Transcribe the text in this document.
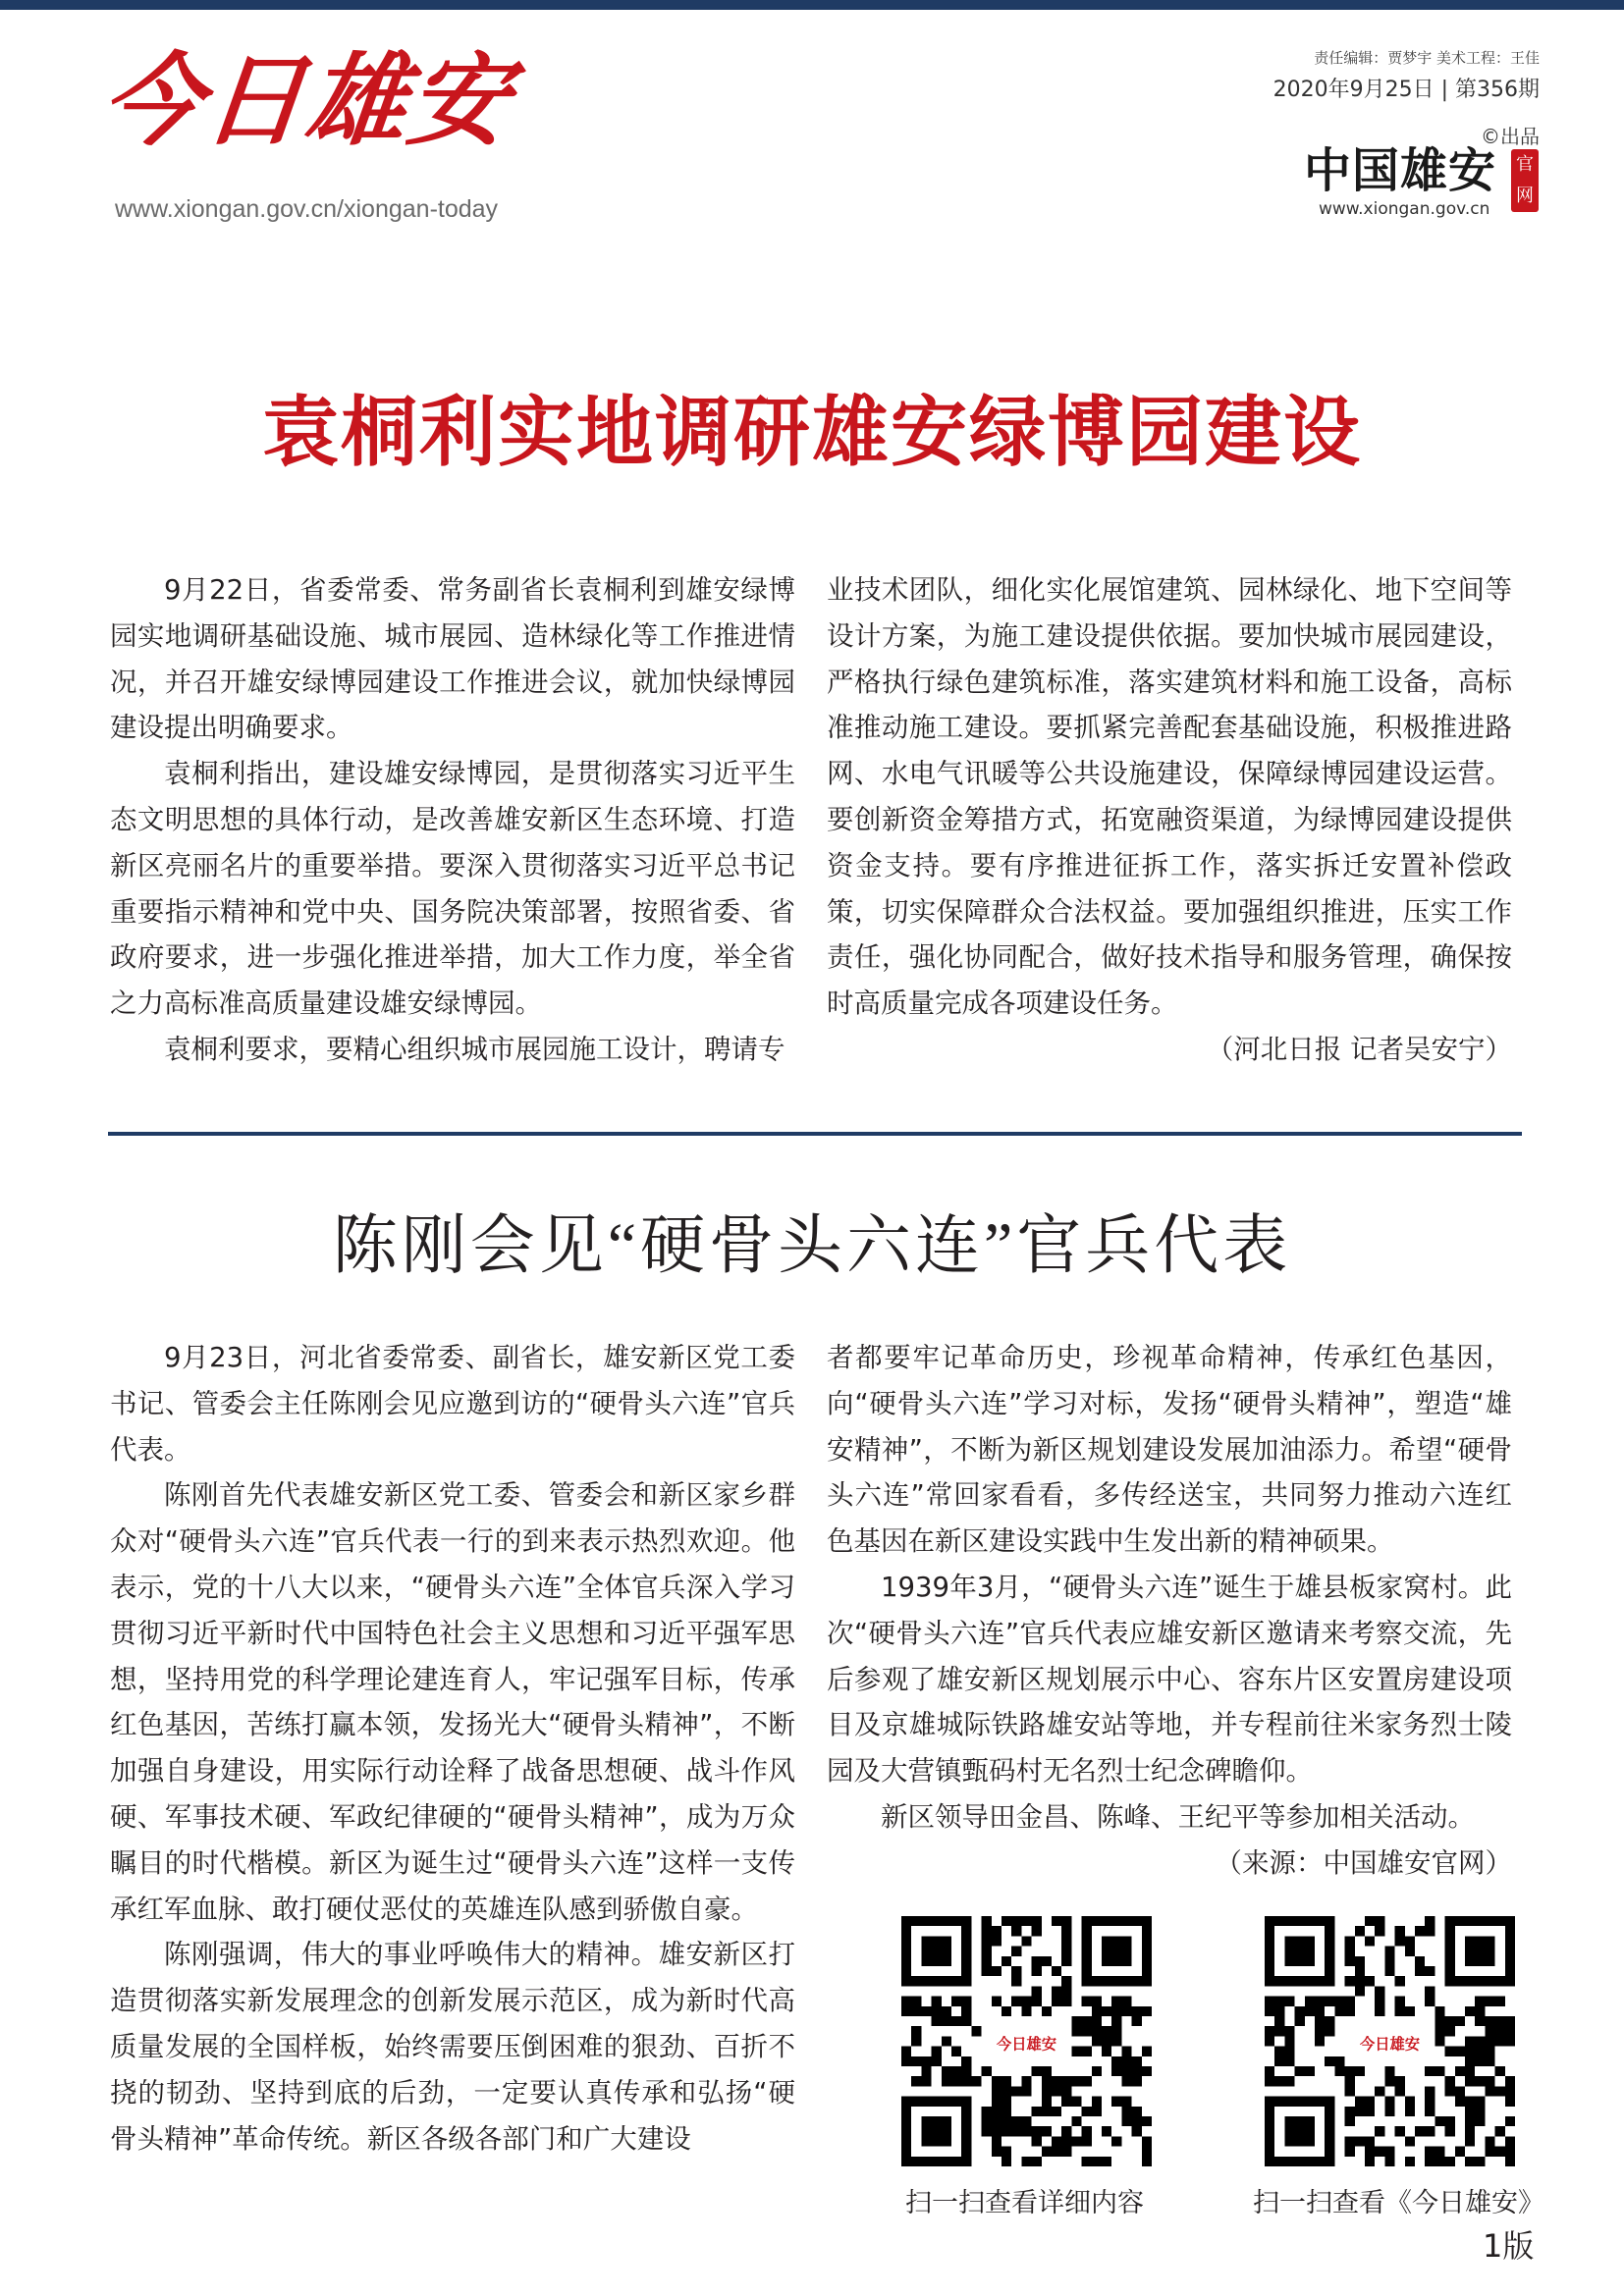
今日雄安
www.xiongan.gov.cn/xiongan-today
责任编辑：贾梦宇 美术工程：王佳
2020年9月25日 | 第356期
©出品
中国雄安 官网
www.xiongan.gov.cn
袁桐利实地调研雄安绿博园建设

9月22日，省委常委、常务副省长袁桐利到雄安绿博园实地调研基础设施、城市展园、造林绿化等工作推进情况，并召开雄安绿博园建设工作推进会议，就加快绿博园建设提出明确要求。

袁桐利指出，建设雄安绿博园，是贯彻落实习近平生态文明思想的具体行动，是改善雄安新区生态环境、打造新区亮丽名片的重要举措。要深入贯彻落实习近平总书记重要指示精神和党中央、国务院决策部署，按照省委、省政府要求，进一步强化推进举措，加大工作力度，举全省之力高标准高质量建设雄安绿博园。

袁桐利要求，要精心组织城市展园施工设计，聘请专

业技术团队，细化实化展馆建筑、园林绿化、地下空间等设计方案，为施工建设提供依据。要加快城市展园建设，严格执行绿色建筑标准，落实建筑材料和施工设备，高标准推动施工建设。要抓紧完善配套基础设施，积极推进路网、水电气讯暖等公共设施建设，保障绿博园建设运营。要创新资金筹措方式，拓宽融资渠道，为绿博园建设提供资金支持。要有序推进征拆工作，落实拆迁安置补偿政策，切实保障群众合法权益。要加强组织推进，压实工作责任，强化协同配合，做好技术指导和服务管理，确保按时高质量完成各项建设任务。

（河北日报 记者吴安宁）

陈刚会见“硬骨头六连”官兵代表

9月23日，河北省委常委、副省长，雄安新区党工委书记、管委会主任陈刚会见应邀到访的“硬骨头六连”官兵代表。

陈刚首先代表雄安新区党工委、管委会和新区家乡群众对“硬骨头六连”官兵代表一行的到来表示热烈欢迎。他表示，党的十八大以来，“硬骨头六连”全体官兵深入学习贯彻习近平新时代中国特色社会主义思想和习近平强军思想，坚持用党的科学理论建连育人，牢记强军目标，传承红色基因，苦练打赢本领，发扬光大“硬骨头精神”，不断加强自身建设，用实际行动诠释了战备思想硬、战斗作风硬、军事技术硬、军政纪律硬的“硬骨头精神”，成为万众瞩目的时代楷模。新区为诞生过“硬骨头六连”这样一支传承红军血脉、敢打硬仗恶仗的英雄连队感到骄傲自豪。

陈刚强调，伟大的事业呼唤伟大的精神。雄安新区打造贯彻落实新发展理念的创新发展示范区，成为新时代高质量发展的全国样板，始终需要压倒困难的狠劲、百折不挠的韧劲、坚持到底的后劲，一定要认真传承和弘扬“硬骨头精神”革命传统。新区各级各部门和广大建设

者都要牢记革命历史，珍视革命精神，传承红色基因，向“硬骨头六连”学习对标，发扬“硬骨头精神”，塑造“雄安精神”，不断为新区规划建设发展加油添力。希望“硬骨头六连”常回家看看，多传经送宝，共同努力推动六连红色基因在新区建设实践中生发出新的精神硕果。

1939年3月，“硬骨头六连”诞生于雄县板家窝村。此次“硬骨头六连”官兵代表应雄安新区邀请来考察交流，先后参观了雄安新区规划展示中心、容东片区安置房建设项目及京雄城际铁路雄安站等地，并专程前往米家务烈士陵园及大营镇甄码村无名烈士纪念碑瞻仰。

新区领导田金昌、陈峰、王纪平等参加相关活动。

（来源：中国雄安官网）

今日雄安	今日雄安
扫一扫查看详细内容	扫一扫查看《今日雄安》
1版
